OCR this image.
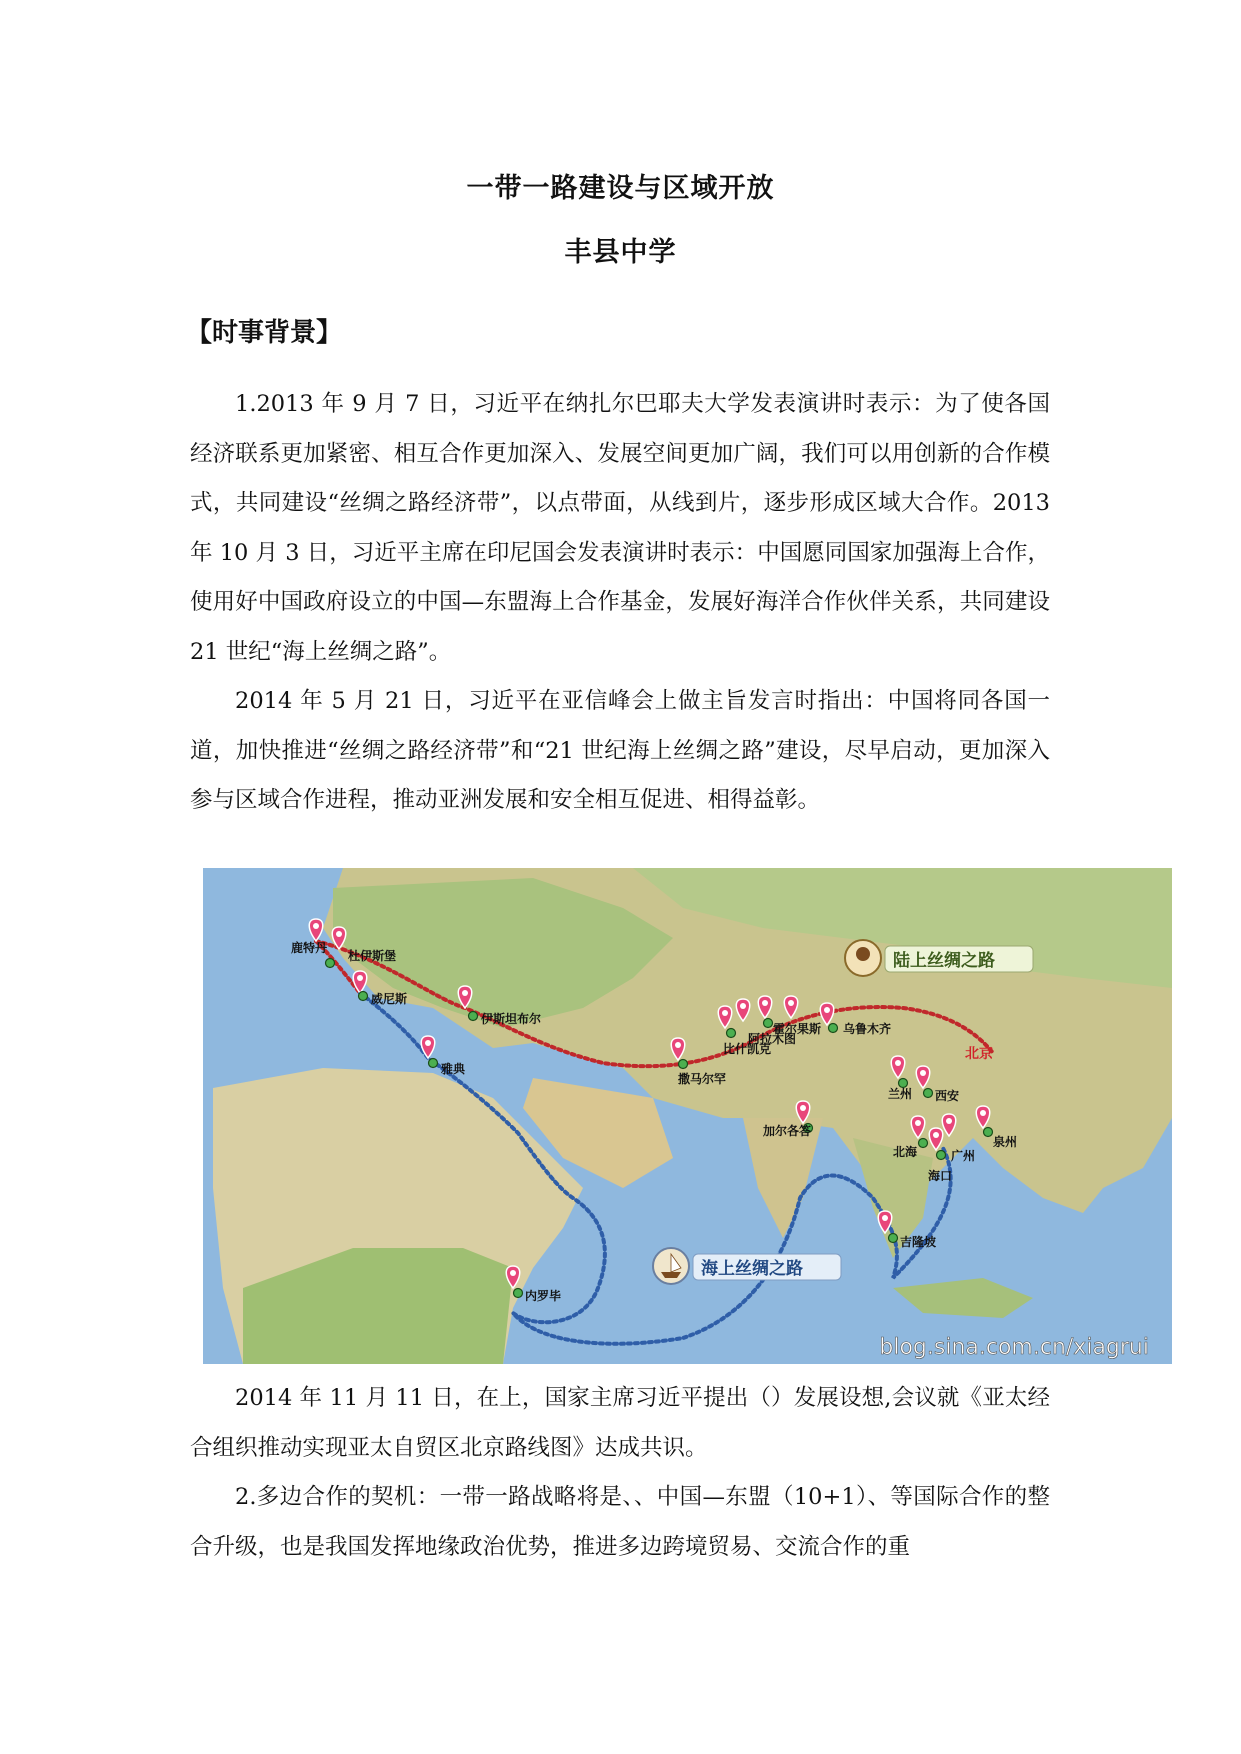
一带一路建设与区域开放
丰县中学
【时事背景】

1.2013 年 9 月 7 日，习近平在纳扎尔巴耶夫大学发表演讲时表示：为了使各国经济联系更加紧密、相互合作更加深入、发展空间更加广阔，我们可以用创新的合作模式，共同建设“丝绸之路经济带”，以点带面，从线到片，逐步形成区域大合作。2013 年 10 月 3 日，习近平主席在印尼国会发表演讲时表示：中国愿同国家加强海上合作，使用好中国政府设立的中国—东盟海上合作基金，发展好海洋合作伙伴关系，共同建设 21 世纪“海上丝绸之路”。

2014 年 5 月 21 日，习近平在亚信峰会上做主旨发言时指出：中国将同各国一道，加快推进“丝绸之路经济带”和“21 世纪海上丝绸之路”建设，尽早启动，更加深入参与区域合作进程，推动亚洲发展和安全相互促进、相得益彰。

鹿特丹
杜伊斯堡
威尼斯
雅典
伊斯坦布尔
撒马尔罕
比什凯克
阿拉木图
霍尔果斯 乌鲁木齐
兰州 西安
北京
加尔各答
北海	广州
泉州
海口
吉隆坡
内罗毕
陆上丝绸之路
海上丝绸之路
blog.sina.com.cn/xiagrui

2014 年 11 月 11 日，在上，国家主席习近平提出（）发展设想,会议就《亚太经合组织推动实现亚太自贸区北京路线图》达成共识。

2.多边合作的契机：一带一路战略将是、、中国—东盟（10+1）、等国际合作的整合升级，也是我国发挥地缘政治优势，推进多边跨境贸易、交流合作的重
